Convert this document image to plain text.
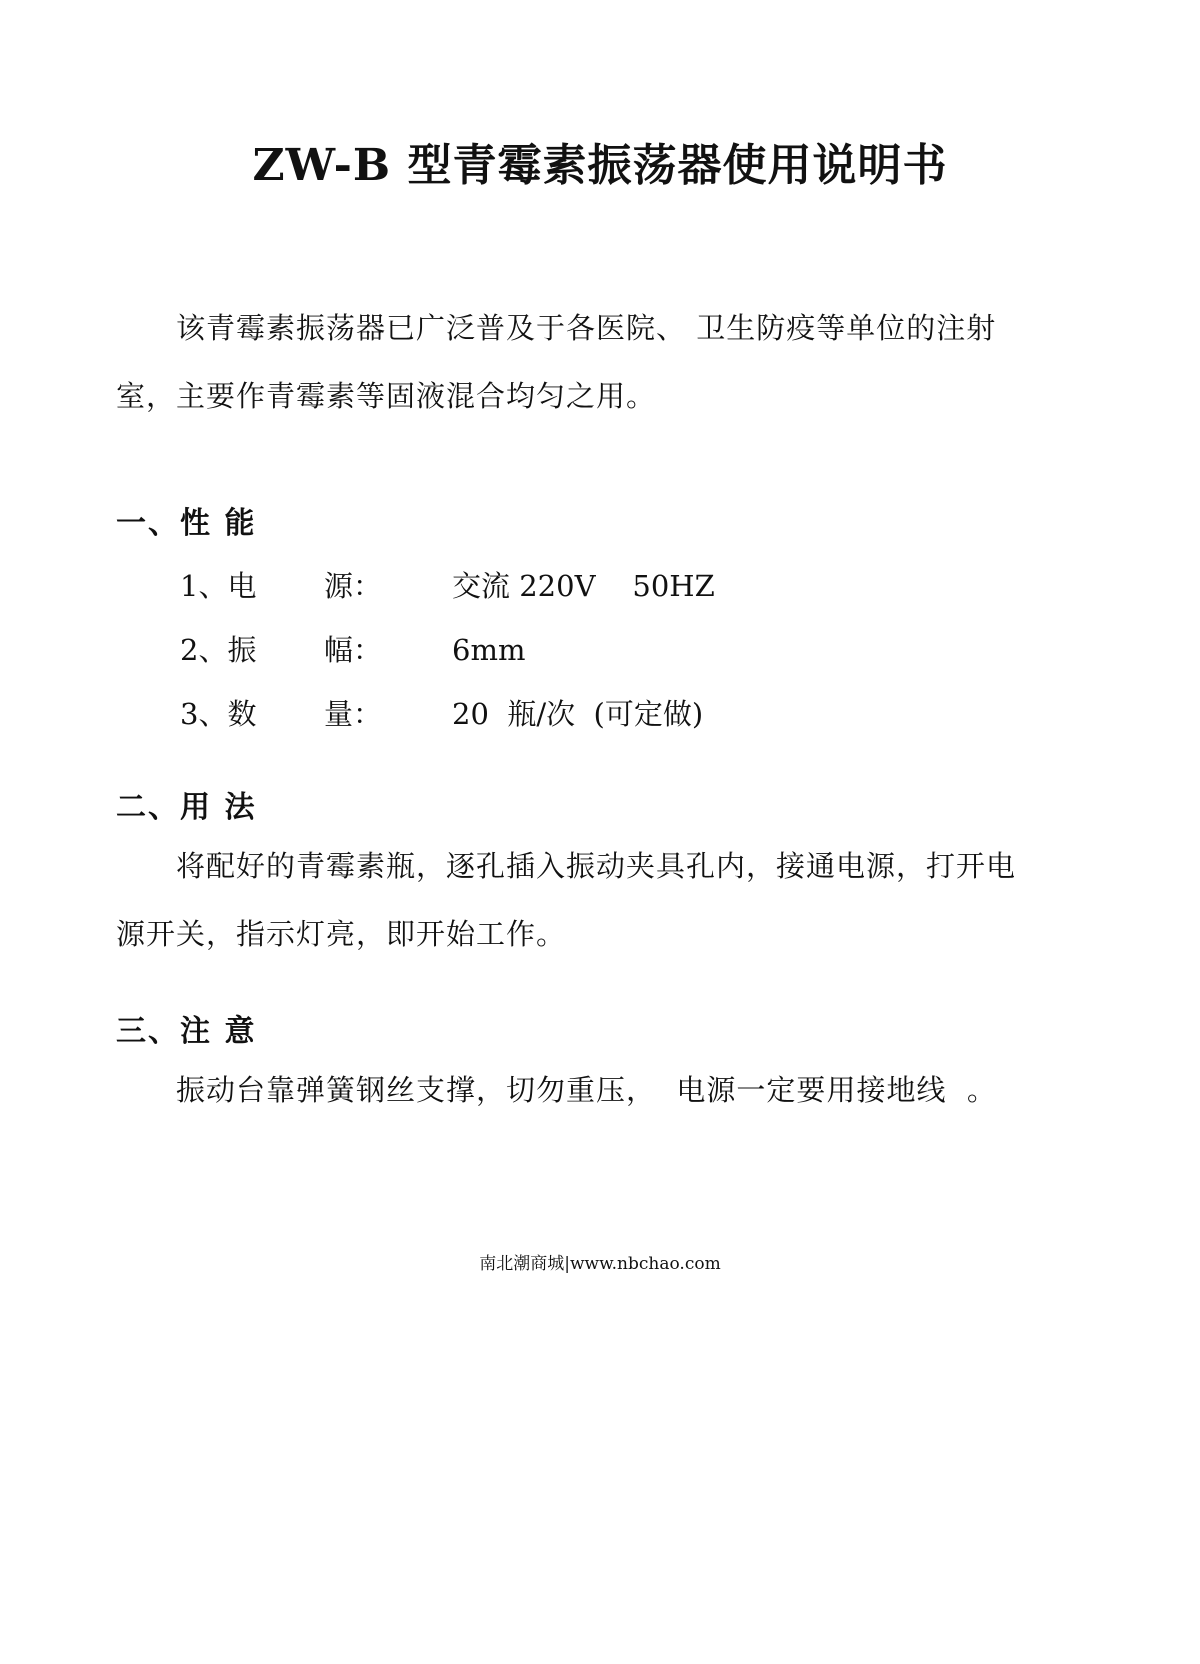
ZW-B 型青霉素振荡器使用说明书
该青霉素振荡器已广泛普及于各医院、 卫生防疫等单位的注射
室，主要作青霉素等固液混合均匀之用。
一、性 能
1、电 源： 交流 220V    50HZ
2、振 幅： 6mm
3、数 量： 20  瓶/次  (可定做)
二、用 法
将配好的青霉素瓶，逐孔插入振动夹具孔内，接通电源，打开电
源开关，指示灯亮，即开始工作。
三、注 意
振动台靠弹簧钢丝支撑，切勿重压，  电源一定要用接地线  。
南北潮商城|www.nbchao.com
